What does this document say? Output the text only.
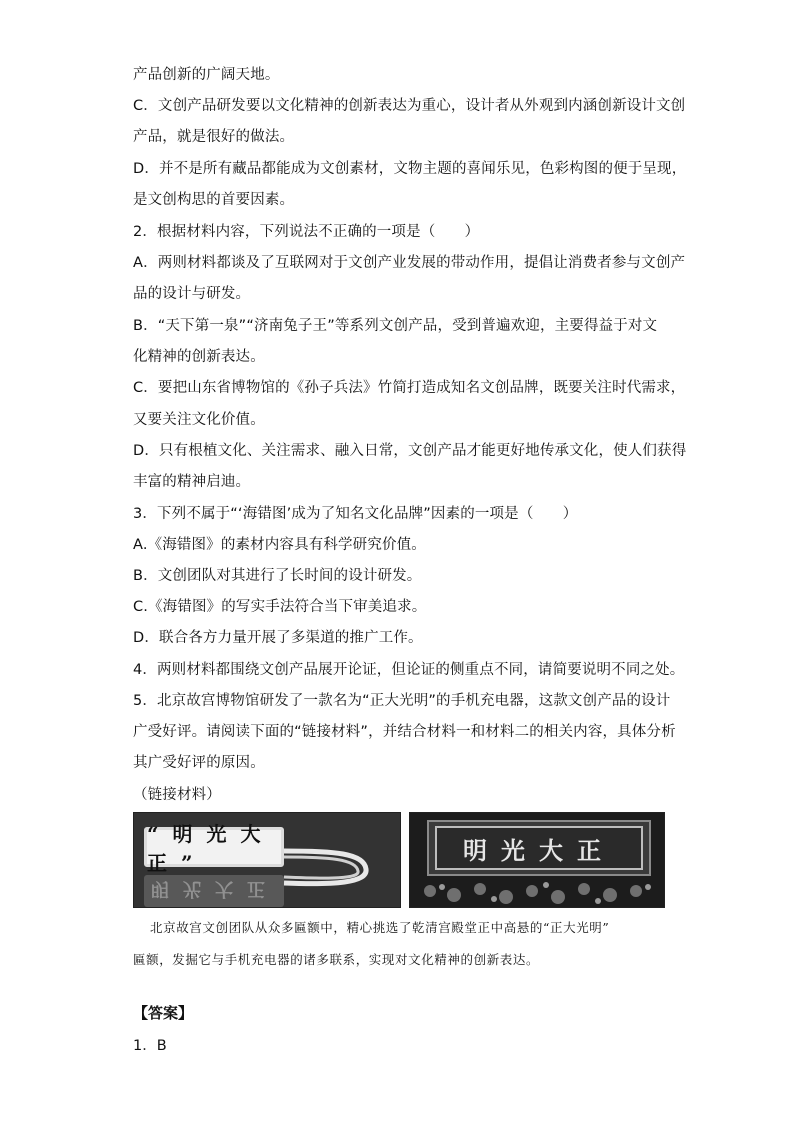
产品创新的广阔天地。
C．文创产品研发要以文化精神的创新表达为重心，设计者从外观到内涵创新设计文创
产品，就是很好的做法。
D．并不是所有藏品都能成为文创素材，文物主题的喜闻乐见，色彩构图的便于呈现，
是文创构思的首要因素。
2．根据材料内容，下列说法不正确的一项是（　　）
A．两则材料都谈及了互联网对于文创产业发展的带动作用，提倡让消费者参与文创产
品的设计与研发。
B．“天下第一泉”“济南兔子王”等系列文创产品，受到普遍欢迎，主要得益于对文
化精神的创新表达。
C．要把山东省博物馆的《孙子兵法》竹简打造成知名文创品牌，既要关注时代需求，
又要关注文化价值。
D．只有根植文化、关注需求、融入日常，文创产品才能更好地传承文化，使人们获得
丰富的精神启迪。
3．下列不属于“‘海错图’成为了知名文化品牌”因素的一项是（　　）
A.《海错图》的素材内容具有科学研究价值。
B．文创团队对其进行了长时间的设计研发。
C.《海错图》的写实手法符合当下审美追求。
D．联合各方力量开展了多渠道的推广工作。
4．两则材料都围绕文创产品展开论证，但论证的侧重点不同，请简要说明不同之处。
5．北京故宫博物馆研发了一款名为“正大光明”的手机充电器，这款文创产品的设计
广受好评。请阅读下面的“链接材料”，并结合材料一和材料二的相关内容，具体分析
其广受好评的原因。
（链接材料）
“明光大正”
明光大正
明光大正
北京故宫文创团队从众多匾额中，精心挑选了乾清宫殿堂正中高悬的“正大光明”
匾额，发掘它与手机充电器的诸多联系，实现对文化精神的创新表达。
【答案】
1．B
